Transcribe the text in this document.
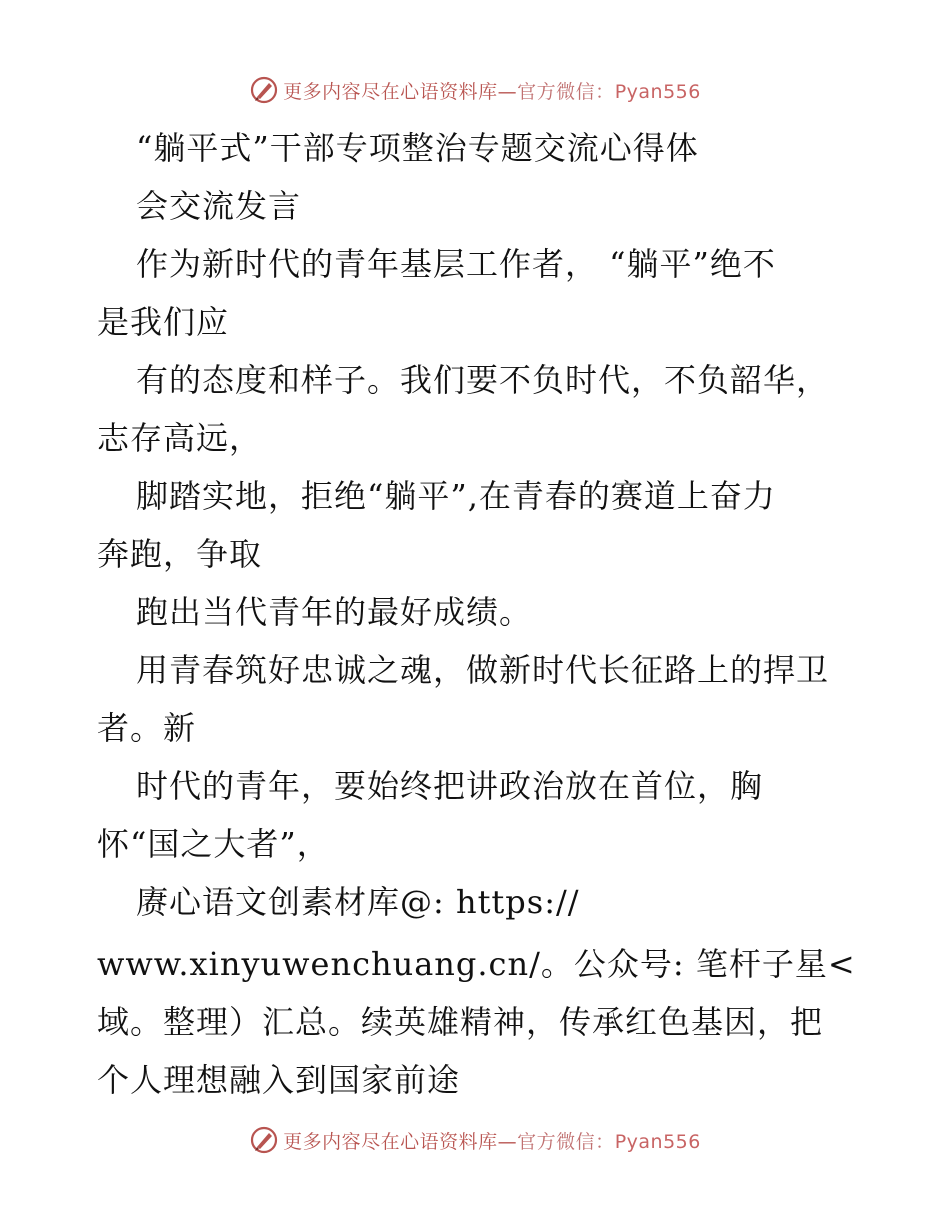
更多内容尽在心语资料库—官方微信：Pyan556
“躺平式”干部专项整治专题交流心得体
会交流发言
作为新时代的青年基层工作者， “躺平”绝不
是我们应
有的态度和样子。我们要不负时代，不负韶华，
志存高远，
脚踏实地，拒绝“躺平”,在青春的赛道上奋力
奔跑，争取
跑出当代青年的最好成绩。
用青春筑好忠诚之魂，做新时代长征路上的捍卫
者。新
时代的青年，要始终把讲政治放在首位，胸
怀“国之大者”，
赓心语文创素材库@: https://
www.xinyuwenchuang.cn/。公众号: 笔杆子星<
域。整理）汇总。续英雄精神，传承红色基因，把
个人理想融入到国家前途
更多内容尽在心语资料库—官方微信：Pyan556
